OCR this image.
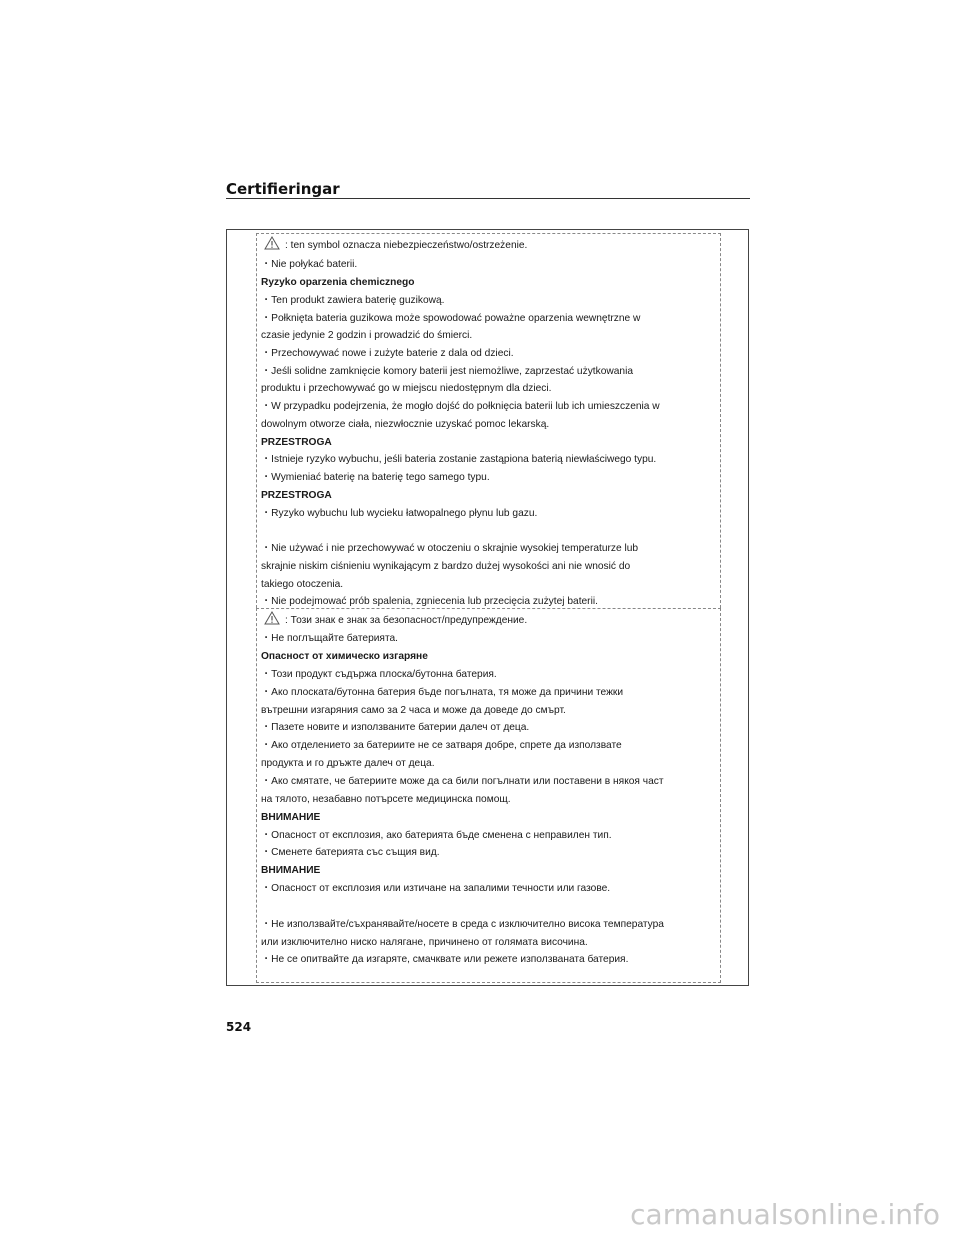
Certifieringar
: ten symbol oznacza niebezpieczeństwo/ostrzeżenie.
・Nie połykać baterii.
Ryzyko oparzenia chemicznego
・Ten produkt zawiera baterię guzikową.
・Połknięta bateria guzikowa może spowodować poważne oparzenia wewnętrzne w
czasie jedynie 2 godzin i prowadzić do śmierci.
・Przechowywać nowe i zużyte baterie z dala od dzieci.
・Jeśli solidne zamknięcie komory baterii jest niemożliwe, zaprzestać użytkowania
produktu i przechowywać go w miejscu niedostępnym dla dzieci.
・W przypadku podejrzenia, że mogło dojść do połknięcia baterii lub ich umieszczenia w
dowolnym otworze ciała, niezwłocznie uzyskać pomoc lekarską.
PRZESTROGA
・Istnieje ryzyko wybuchu, jeśli bateria zostanie zastąpiona baterią niewłaściwego typu.
・Wymieniać baterię na baterię tego samego typu.
PRZESTROGA
・Ryzyko wybuchu lub wycieku łatwopalnego płynu lub gazu.
・Nie używać i nie przechowywać w otoczeniu o skrajnie wysokiej temperaturze lub
skrajnie niskim ciśnieniu wynikającym z bardzo dużej wysokości ani nie wnosić do
takiego otoczenia.
・Nie podejmować prób spalenia, zgniecenia lub przecięcia zużytej baterii.
: Този знак е знак за безопасност/предупреждение.
・Не поглъщайте батерията.
Опасност от химическо изгаряне
・Този продукт съдържа плоска/бутонна батерия.
・Ако плоската/бутонна батерия бъде погълната, тя може да причини тежки
вътрешни изгаряния само за 2 часа и може да доведе до смърт.
・Пазете новите и използваните батерии далеч от деца.
・Ако отделението за батериите не се затваря добре, спрете да използвате
продукта и го дръжте далеч от деца.
・Ако смятате, че батериите може да са били погълнати или поставени в някоя част
на тялото, незабавно потърсете медицинска помощ.
ВНИМАНИЕ
・Опасност от експлозия, ако батерията бъде сменена с неправилен тип.
・Сменете батерията със същия вид.
ВНИМАНИЕ
・Опасност от експлозия или изтичане на запалими течности или газове.
・Не използвайте/съхранявайте/носете в среда с изключително висока температура
или изключително ниско налягане, причинено от голямата височина.
・Не се опитвайте да изгаряте, смачквате или режете използваната батерия.
524
carmanualsonline.info
